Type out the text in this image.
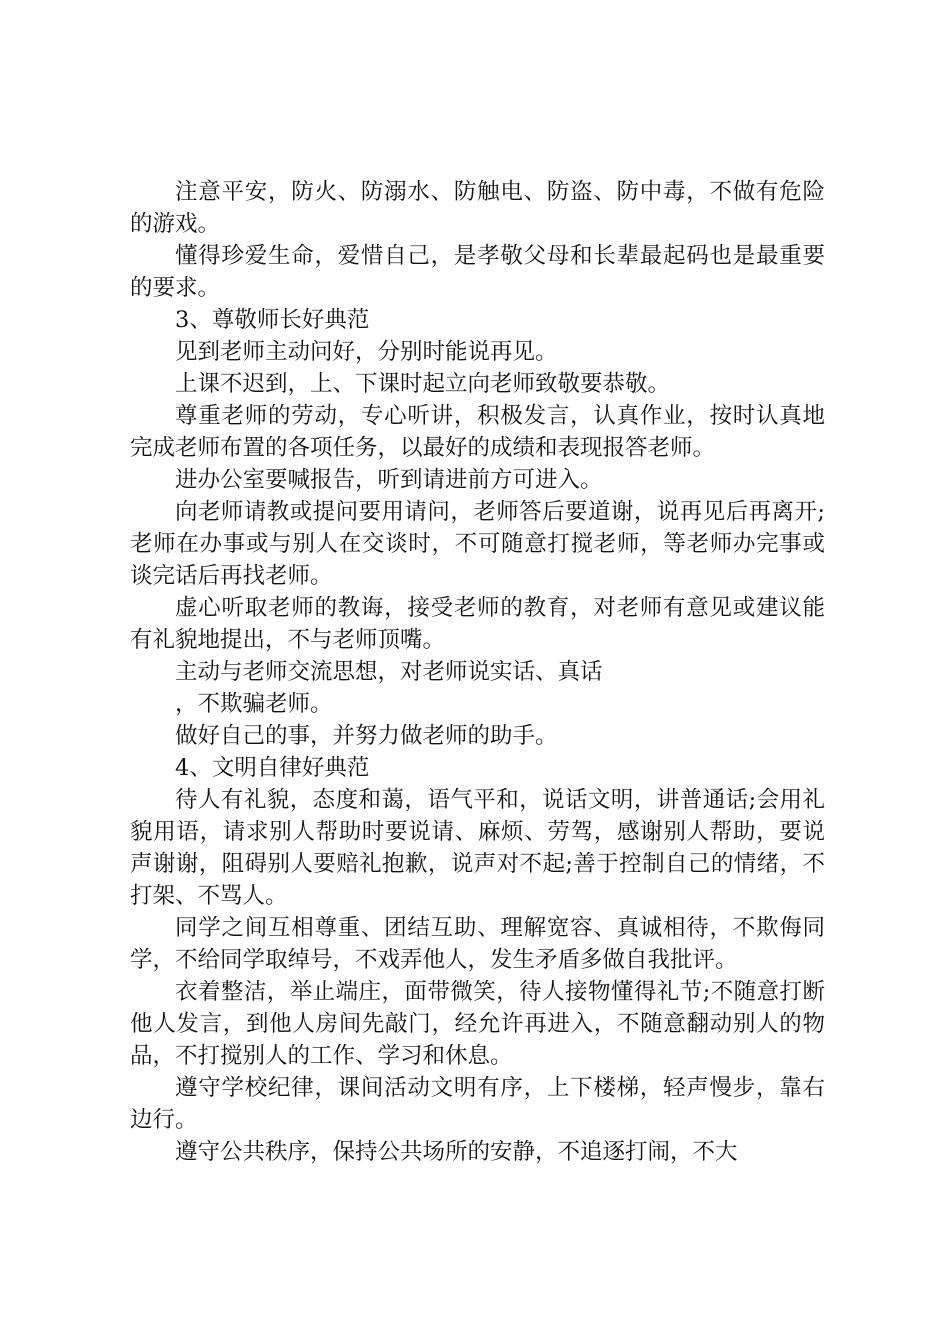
注意平安，防火、防溺水、防触电、防盗、防中毒，不做有危险的游戏。

懂得珍爱生命，爱惜自己，是孝敬父母和长辈最起码也是最重要的要求。

3、尊敬师长好典范

见到老师主动问好，分别时能说再见。

上课不迟到，上、下课时起立向老师致敬要恭敬。

尊重老师的劳动，专心听讲，积极发言，认真作业，按时认真地完成老师布置的各项任务，以最好的成绩和表现报答老师。

进办公室要喊报告，听到请进前方可进入。

向老师请教或提问要用请问，老师答后要道谢，说再见后再离开;老师在办事或与别人在交谈时，不可随意打搅老师，等老师办完事或谈完话后再找老师。

虚心听取老师的教诲，接受老师的教育，对老师有意见或建议能有礼貌地提出，不与老师顶嘴。

主动与老师交流思想，对老师说实话、真话

，不欺骗老师。

做好自己的事，并努力做老师的助手。

4、文明自律好典范

待人有礼貌，态度和蔼，语气平和，说话文明，讲普通话;会用礼貌用语，请求别人帮助时要说请、麻烦、劳驾，感谢别人帮助，要说声谢谢，阻碍别人要赔礼抱歉，说声对不起;善于控制自己的情绪，不打架、不骂人。

同学之间互相尊重、团结互助、理解宽容、真诚相待，不欺侮同学，不给同学取绰号，不戏弄他人，发生矛盾多做自我批评。

衣着整洁，举止端庄，面带微笑，待人接物懂得礼节;不随意打断他人发言，到他人房间先敲门，经允许再进入，不随意翻动别人的物品，不打搅别人的工作、学习和休息。

遵守学校纪律，课间活动文明有序，上下楼梯，轻声慢步，靠右边行。

遵守公共秩序，保持公共场所的安静，不追逐打闹，不大
